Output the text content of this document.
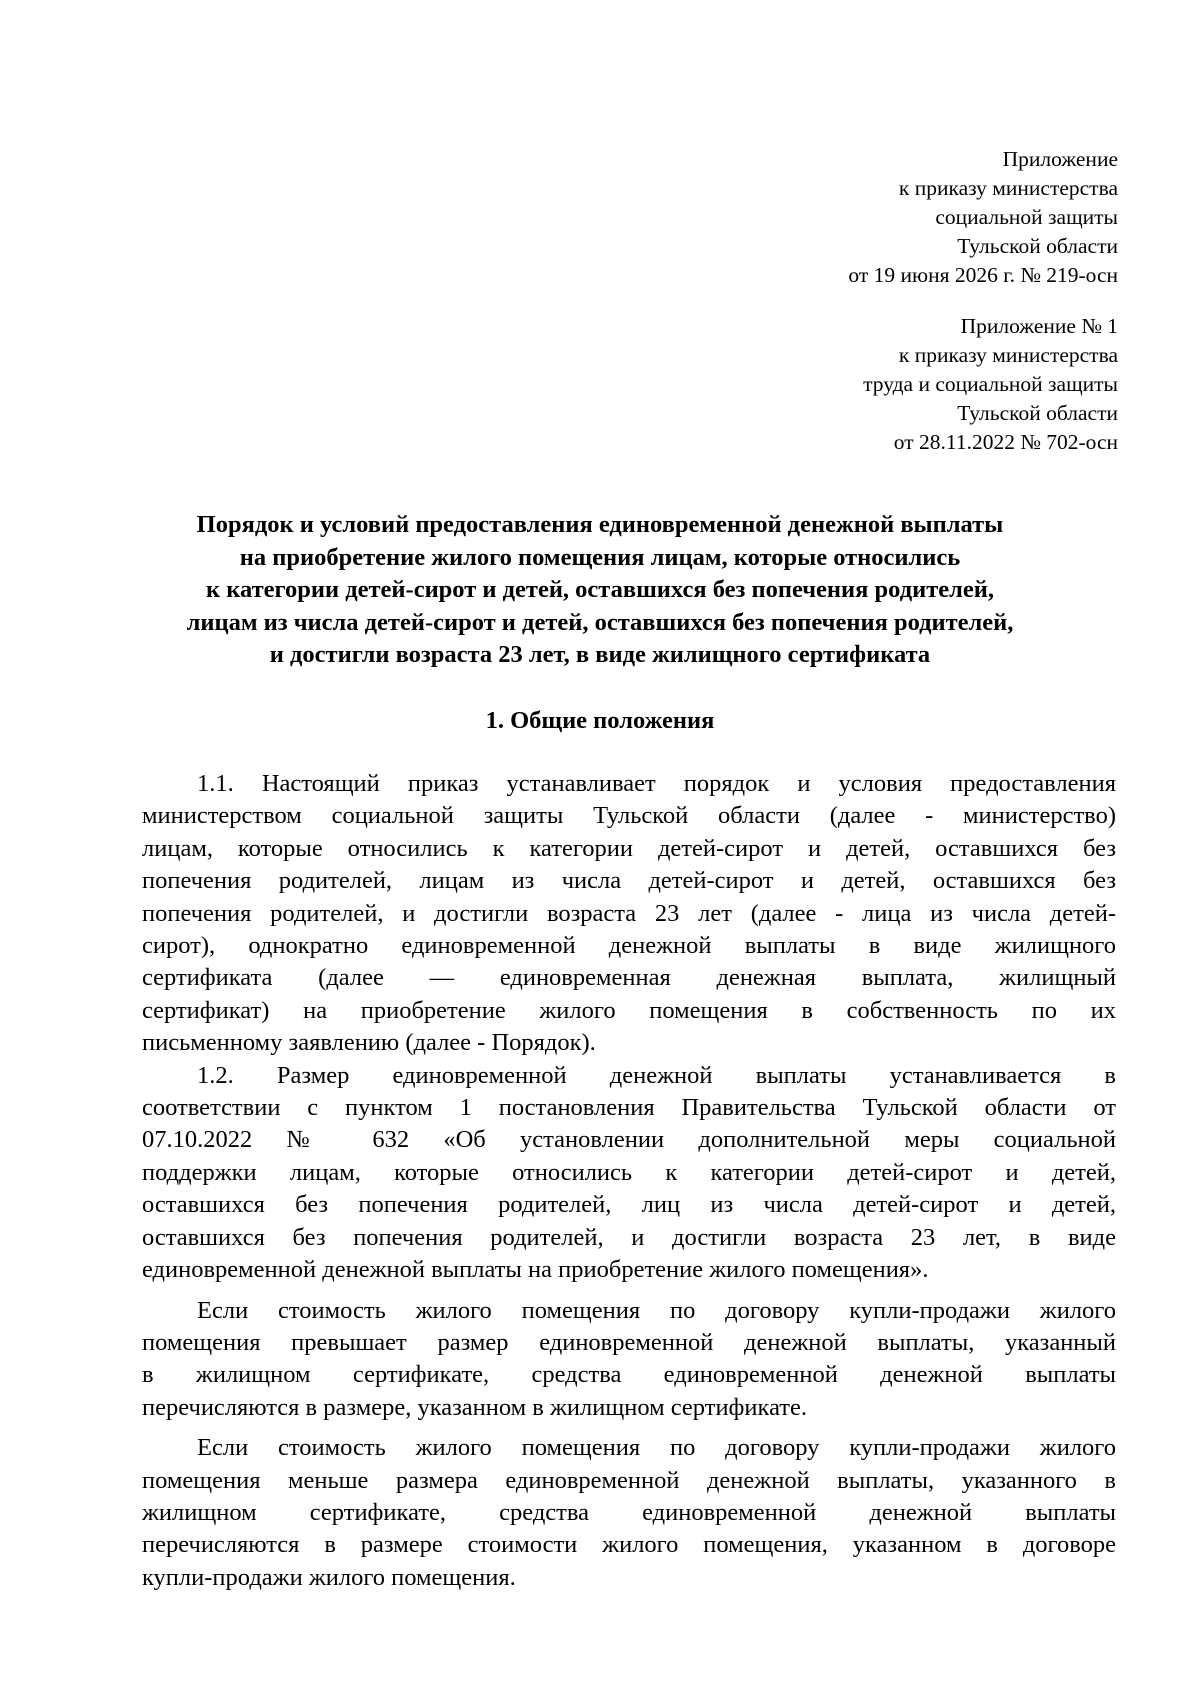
Приложение
к приказу министерства
социальной защиты
Тульской области
от 19 июня 2026 г. № 219-осн
Приложение № 1
к приказу министерства
труда и социальной защиты
Тульской области
от 28.11.2022 № 702-осн
Порядок и условий предоставления единовременной денежной выплаты
на приобретение жилого помещения лицам, которые относились
к категории детей-сирот и детей, оставшихся без попечения родителей,
лицам из числа детей-сирот и детей, оставшихся без попечения родителей,
и достигли возраста 23 лет, в виде жилищного сертификата
1. Общие положения
1.1. Настоящий приказ устанавливает порядок и условия предоставления
министерством социальной защиты Тульской области (далее - министерство)
лицам, которые относились к категории детей-сирот и детей, оставшихся без
попечения родителей, лицам из числа детей-сирот и детей, оставшихся без
попечения родителей, и достигли возраста 23 лет (далее - лица из числа детей-
сирот), однократно единовременной денежной выплаты в виде жилищного
сертификата (далее — единовременная денежная выплата, жилищный
сертификат) на приобретение жилого помещения в собственность по их
письменному заявлению (далее - Порядок).
1.2. Размер единовременной денежной выплаты устанавливается в
соответствии с пунктом 1 постановления Правительства Тульской области от
07.10.2022 № 632 «Об установлении дополнительной меры социальной
поддержки лицам, которые относились к категории детей-сирот и детей,
оставшихся без попечения родителей, лиц из числа детей-сирот и детей,
оставшихся без попечения родителей, и достигли возраста 23 лет, в виде
единовременной денежной выплаты на приобретение жилого помещения».
Если стоимость жилого помещения по договору купли-продажи жилого
помещения превышает размер единовременной денежной выплаты, указанный
в жилищном сертификате, средства единовременной денежной выплаты
перечисляются в размере, указанном в жилищном сертификате.
Если стоимость жилого помещения по договору купли-продажи жилого
помещения меньше размера единовременной денежной выплаты, указанного в
жилищном сертификате, средства единовременной денежной выплаты
перечисляются в размере стоимости жилого помещения, указанном в договоре
купли-продажи жилого помещения.
